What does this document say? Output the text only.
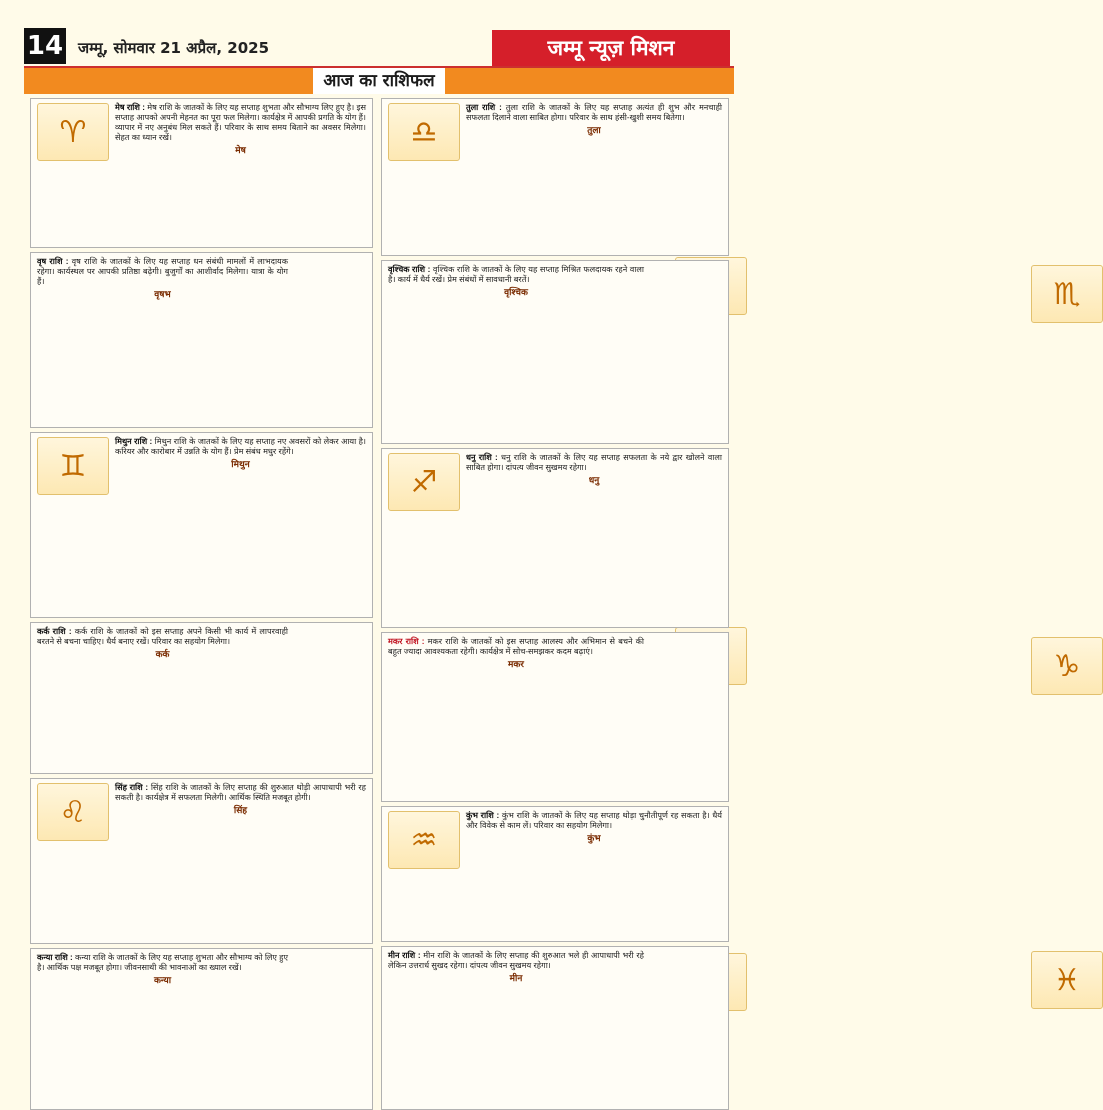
14 जम्मू, सोमवार 21 अप्रैल, 2025	जम्मू न्यूज़ मिशन
आज का राशिफल
♈

मेष राशि : मेष राशि के जातकों के लिए यह सप्ताह शुभता और सौभाग्य लिए हुए है। इस सप्ताह आपको अपनी मेहनत का पूरा फल मिलेगा। कार्यक्षेत्र में आपकी प्रगति के योग हैं। व्यापार में नए अनुबंध मिल सकते हैं। परिवार के साथ समय बिताने का अवसर मिलेगा। सेहत का ध्यान रखें।

मेष

वृष राशि : वृष राशि के जातकों के लिए यह सप्ताह धन संबंधी मामलों में लाभदायक रहेगा। कार्यस्थल पर आपकी प्रतिष्ठा बढ़ेगी। बुजुर्गों का आशीर्वाद मिलेगा। यात्रा के योग हैं।

वृषभ
♊

मिथुन राशि : मिथुन राशि के जातकों के लिए यह सप्ताह नए अवसरों को लेकर आया है। करियर और कारोबार में उन्नति के योग हैं। प्रेम संबंध मधुर रहेंगे।

मिथुन

कर्क राशि : कर्क राशि के जातकों को इस सप्ताह अपने किसी भी कार्य में लापरवाही बरतने से बचना चाहिए। धैर्य बनाए रखें। परिवार का सहयोग मिलेगा।

कर्क
♌

सिंह राशि : सिंह राशि के जातकों के लिए सप्ताह की शुरुआत थोड़ी आपाधापी भरी रह सकती है। कार्यक्षेत्र में सफलता मिलेगी। आर्थिक स्थिति मजबूत होगी।

सिंह

कन्या राशि : कन्या राशि के जातकों के लिए यह सप्ताह शुभता और सौभाग्य को लिए हुए है। आर्थिक पक्ष मजबूत होगा। जीवनसाथी की भावनाओं का ख्याल रखें।

कन्या
♎

तुला राशि : तुला राशि के जातकों के लिए यह सप्ताह अत्यंत ही शुभ और मनचाही सफलता दिलाने वाला साबित होगा। परिवार के साथ हंसी-खुशी समय बितेगा।

तुला
♏

वृश्चिक राशि : वृश्चिक राशि के जातकों के लिए यह सप्ताह मिश्रित फलदायक रहने वाला है। कार्य में धैर्य रखें। प्रेम संबंधों में सावधानी बरतें।

वृश्चिक
♐

धनु राशि : धनु राशि के जातकों के लिए यह सप्ताह सफलता के नये द्वार खोलने वाला साबित होगा। दांपत्य जीवन सुखमय रहेगा।

धनु
♑

मकर राशि : मकर राशि के जातकों को इस सप्ताह आलस्य और अभिमान से बचने की बहुत ज्यादा आवश्यकता रहेगी। कार्यक्षेत्र में सोच-समझकर कदम बढ़ाएं।

मकर
♒

कुंभ राशि : कुंभ राशि के जातकों के लिए यह सप्ताह थोड़ा चुनौतीपूर्ण रह सकता है। धैर्य और विवेक से काम लें। परिवार का सहयोग मिलेगा।

कुंभ
♓

मीन राशि : मीन राशि के जातकों के लिए सप्ताह की शुरुआत भले ही आपाधापी भरी रहे लेकिन उत्तरार्ध सुखद रहेगा। दांपत्य जीवन सुखमय रहेगा।

मीन
